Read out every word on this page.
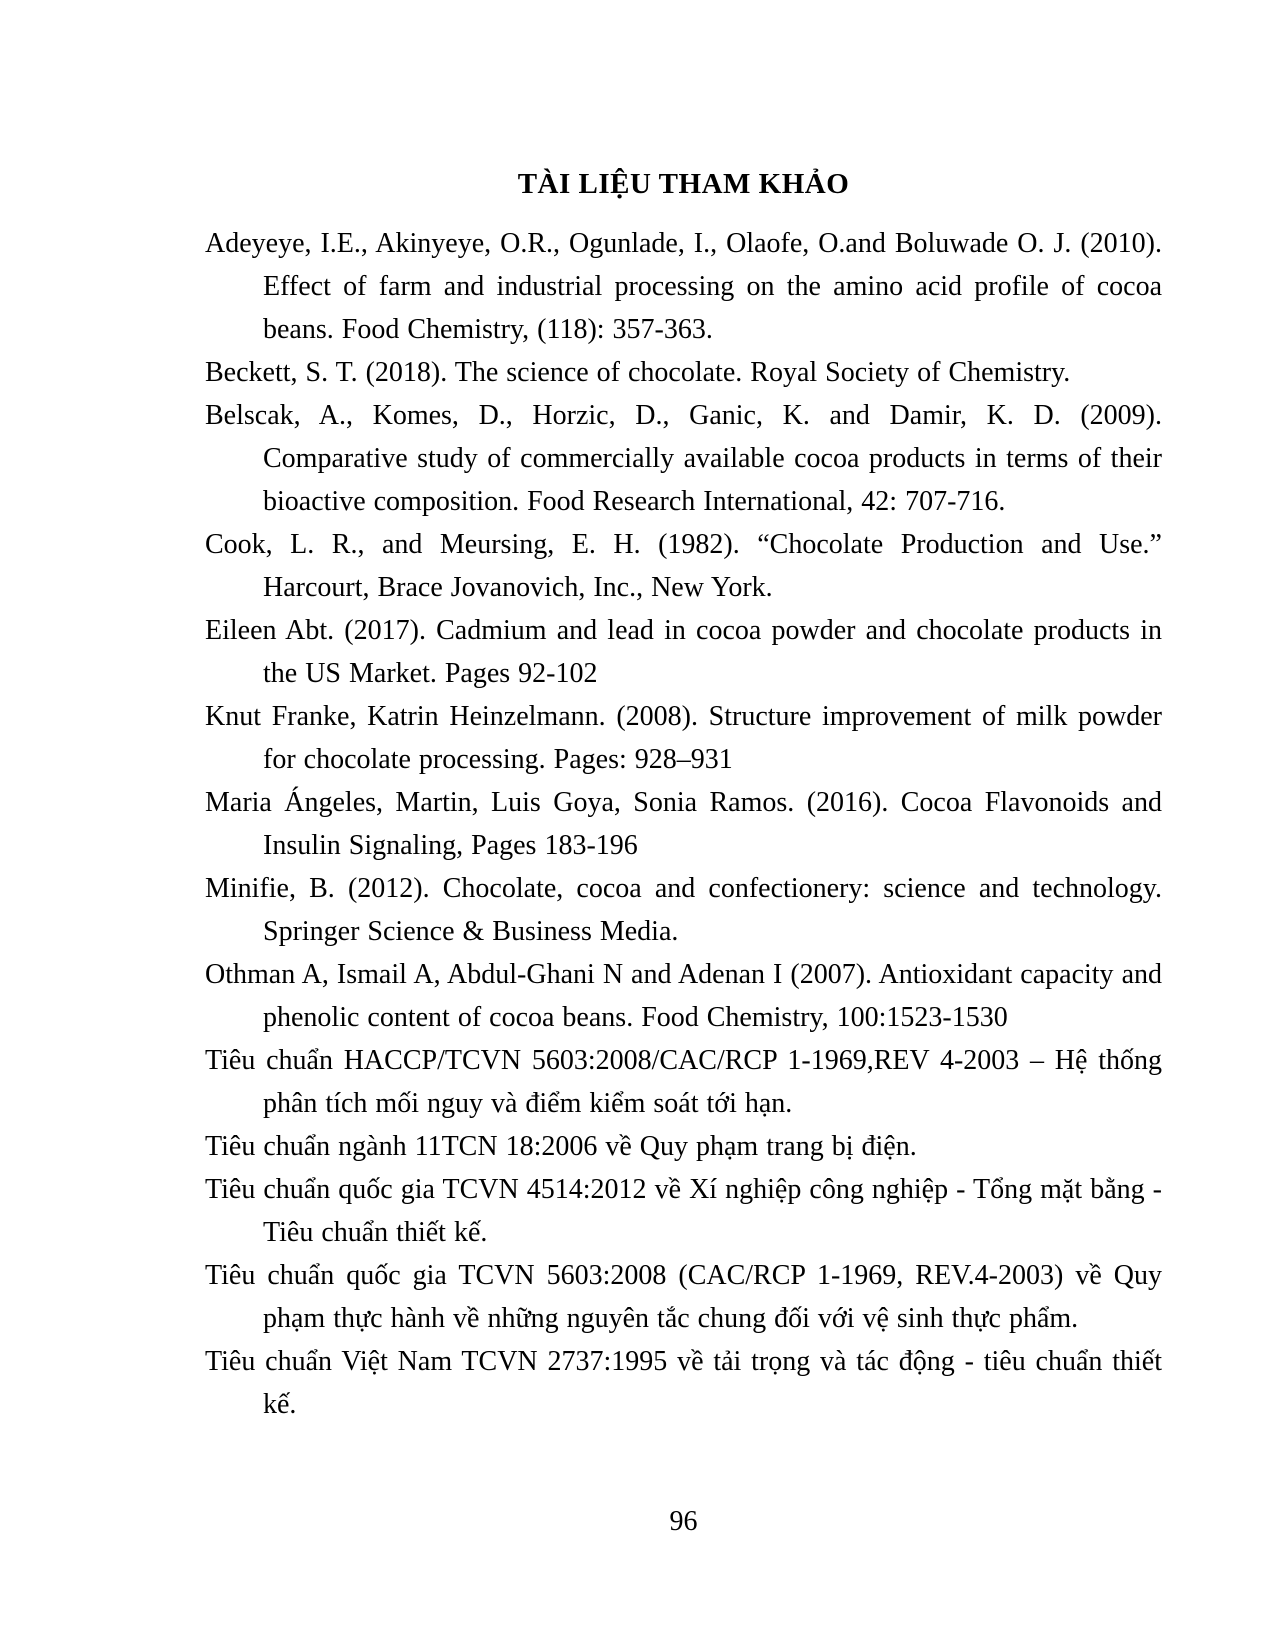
TÀI LIỆU THAM KHẢO

Adeyeye, I.E., Akinyeye, O.R., Ogunlade, I., Olaofe, O.and Boluwade O. J. (2010). Effect of farm and industrial processing on the amino acid profile of cocoa beans. Food Chemistry, (118): 357-363.

Beckett, S. T. (2018). The science of chocolate. Royal Society of Chemistry.

Belscak, A., Komes, D., Horzic, D., Ganic, K. and Damir, K. D. (2009). Comparative study of commercially available cocoa products in terms of their bioactive composition. Food Research International, 42: 707-716.

Cook, L. R., and Meursing, E. H. (1982). “Chocolate Production and Use.” Harcourt, Brace Jovanovich, Inc., New York.

Eileen Abt. (2017). Cadmium and lead in cocoa powder and chocolate products in the US Market. Pages 92-102

Knut Franke, Katrin Heinzelmann. (2008). Structure improvement of milk powder for chocolate processing. Pages: 928–931

Maria Ángeles, Martin, Luis Goya, Sonia Ramos. (2016). Cocoa Flavonoids and Insulin Signaling, Pages 183-196

Minifie, B. (2012). Chocolate, cocoa and confectionery: science and technology. Springer Science & Business Media.

Othman A, Ismail A, Abdul-Ghani N and Adenan I (2007). Antioxidant capacity and phenolic content of cocoa beans. Food Chemistry, 100:1523-1530

Tiêu chuẩn HACCP/TCVN 5603:2008/CAC/RCP 1-1969,REV 4-2003 – Hệ thống phân tích mối nguy và điểm kiểm soát tới hạn.

Tiêu chuẩn ngành 11TCN 18:2006 về Quy phạm trang bị điện.

Tiêu chuẩn quốc gia TCVN 4514:2012 về Xí nghiệp công nghiệp - Tổng mặt bằng - Tiêu chuẩn thiết kế.

Tiêu chuẩn quốc gia TCVN 5603:2008 (CAC/RCP 1-1969, REV.4-2003) về Quy phạm thực hành về những nguyên tắc chung đối với vệ sinh thực phẩm.

Tiêu chuẩn Việt Nam TCVN 2737:1995 về tải trọng và tác động - tiêu chuẩn thiết kế.

96
